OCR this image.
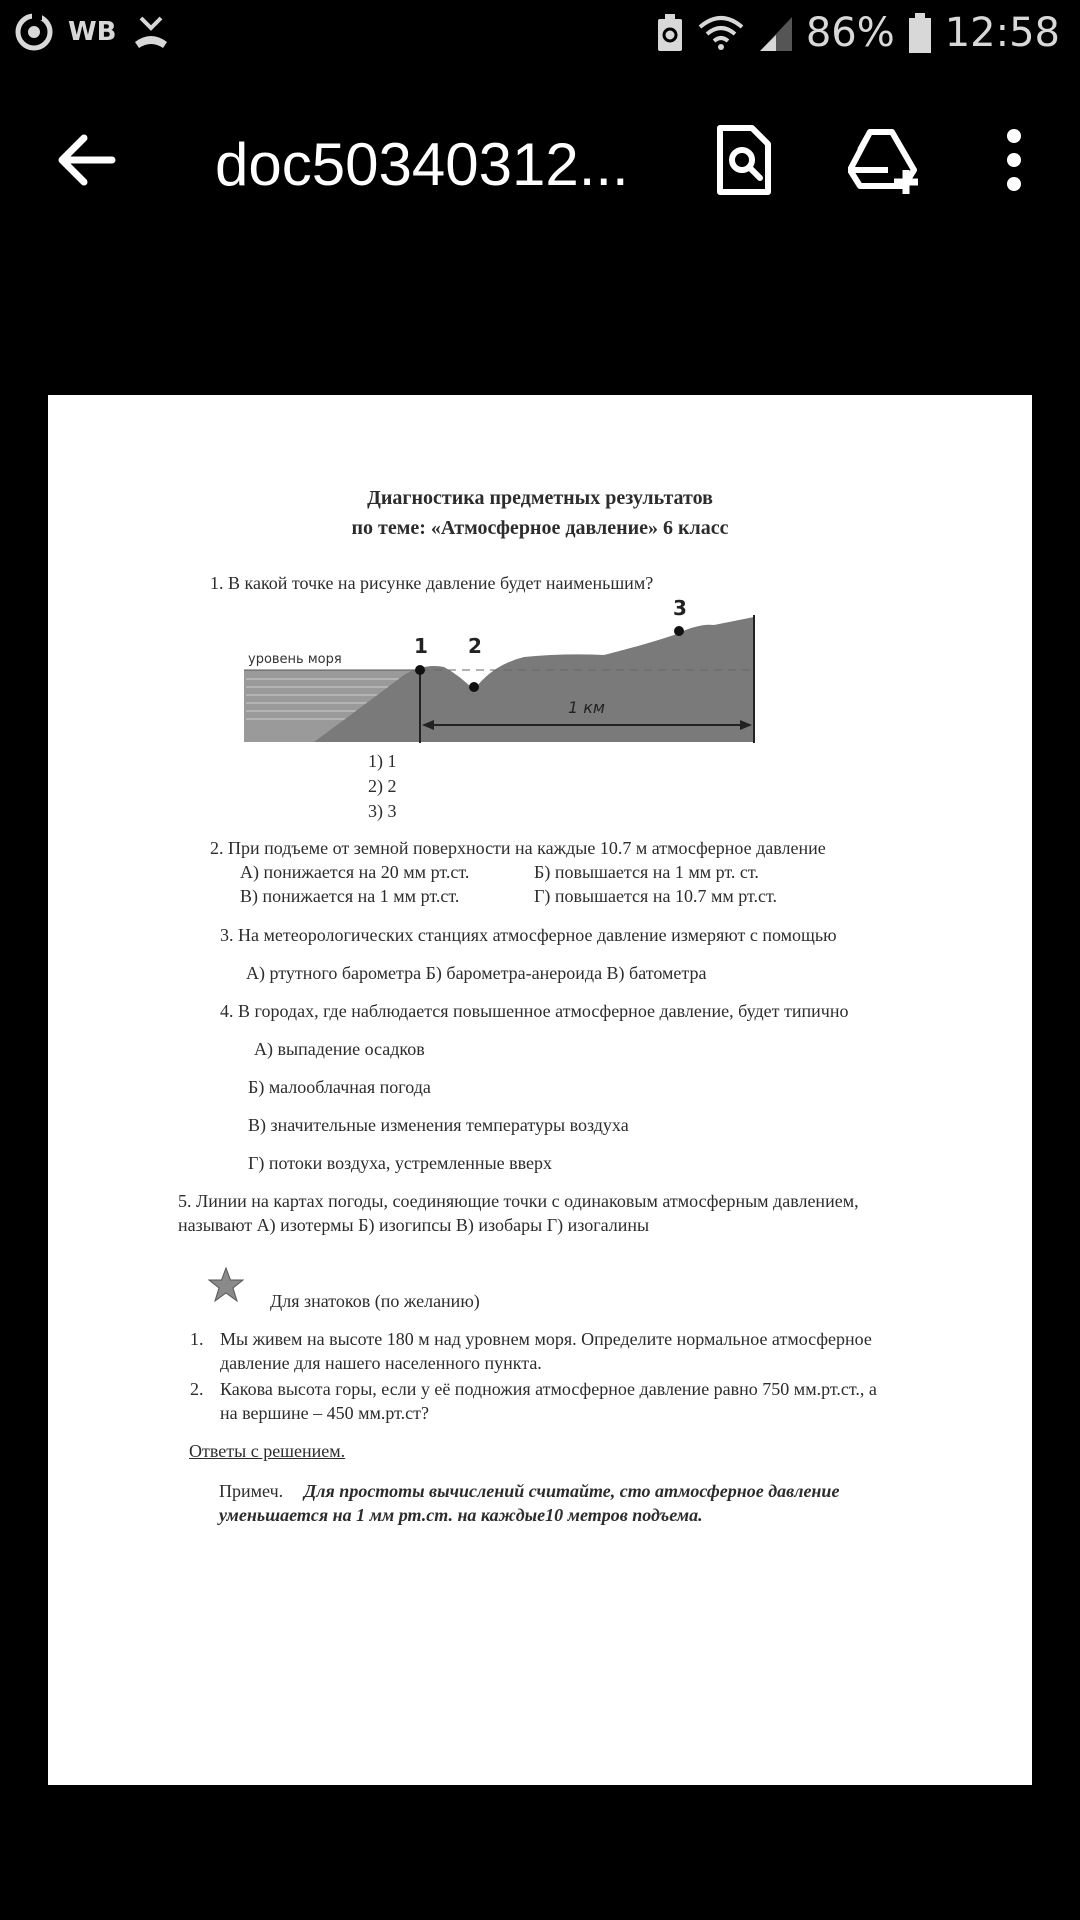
WB	86% 12:58
doc50340312...
Диагностика предметных результатов
по теме: «Атмосферное давление» 6 класс
1. В какой точке на рисунке давление будет наименьшим?
уровень моря
1 2
3
1 км
1) 1
2) 2
3) 3
2. При подъеме от земной поверхности на каждые 10.7 м атмосферное давление
А) понижается на 20 мм рт.ст.	Б) повышается на 1 мм рт. ст.
В) понижается на 1 мм рт.ст.	Г) повышается на 10.7 мм рт.ст.
3. На метеорологических станциях атмосферное давление измеряют с помощью
А) ртутного барометра Б) барометра-анероида В) батометра
4. В городах, где наблюдается повышенное атмосферное давление, будет типично
А) выпадение осадков
Б) малооблачная погода
В) значительные изменения температуры воздуха
Г) потоки воздуха, устремленные вверх
5. Линии на картах погоды, соединяющие точки с одинаковым атмосферным давлением,
называют А) изотермы Б) изогипсы В) изобары Г) изогалины
Для знатоков (по желанию)
1. Мы живем на высоте 180 м над уровнем моря. Определите нормальное атмосферное
давление для нашего населенного пункта.
2. Какова высота горы, если у её подножия атмосферное давление равно 750 мм.рт.ст., а
на вершине – 450 мм.рт.ст?
Ответы с решением.
Примеч. Для простоты вычислений считайте, сто атмосферное давление
уменьшается на 1 мм рт.ст. на каждые10 метров подъема.
